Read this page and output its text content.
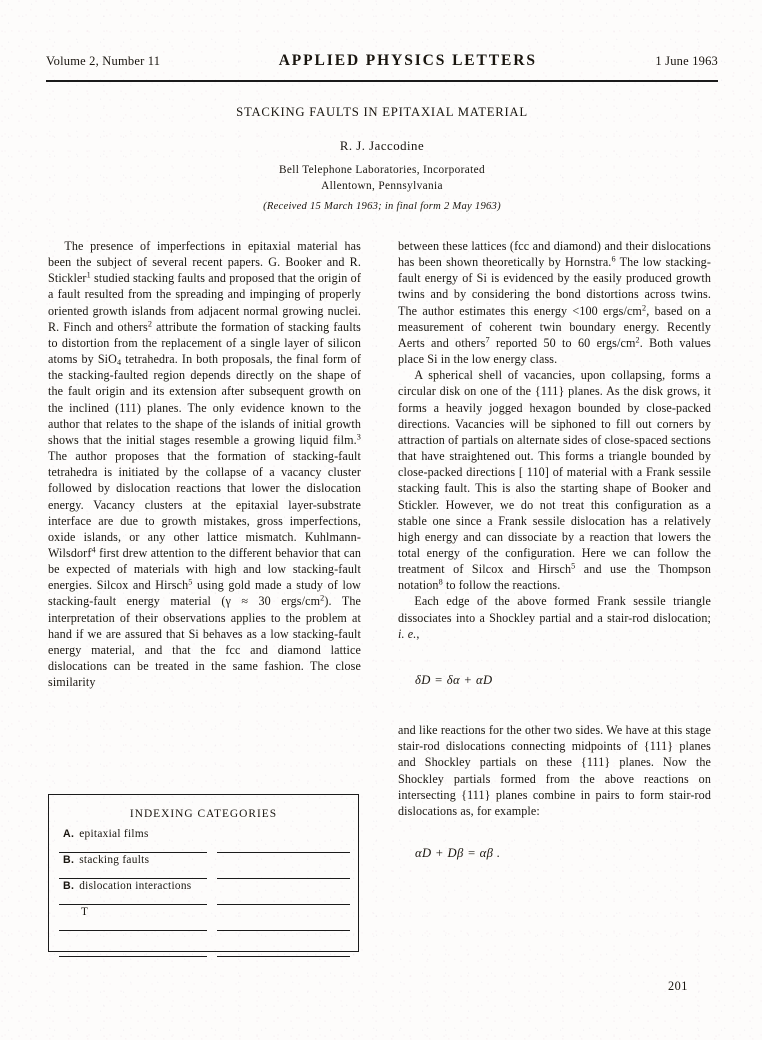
Volume 2, Number 11	APPLIED PHYSICS LETTERS	1 June 1963
STACKING FAULTS IN EPITAXIAL MATERIAL
R. J. Jaccodine
Bell Telephone Laboratories, Incorporated
Allentown, Pennsylvania
(Received 15 March 1963; in final form 2 May 1963)

The presence of imperfections in epitaxial material has been the subject of several recent papers. G. Booker and R. Stickler$^1$ studied stacking faults and proposed that the origin of a fault resulted from the spreading and impinging of properly oriented growth islands from adjacent normal growing nuclei. R. Finch and others$^2$ attribute the formation of stacking faults to distortion from the replacement of a single layer of silicon atoms by SiO$_4$ tetrahedra. In both proposals, the final form of the stacking-faulted region depends directly on the shape of the fault origin and its extension after subsequent growth on the inclined (111) planes. The only evidence known to the author that relates to the shape of the islands of initial growth shows that the initial stages resemble a growing liquid film.$^3$ The author proposes that the formation of stacking-fault tetrahedra is initiated by the collapse of a vacancy cluster followed by dislocation reactions that lower the dislocation energy. Vacancy clusters at the epitaxial layer-substrate interface are due to growth mistakes, gross imperfections, oxide islands, or any other lattice mismatch. Kuhlmann-Wilsdorf$^4$ first drew attention to the different behavior that can be expected of materials with high and low stacking-fault energies. Silcox and Hirsch$^5$ using gold made a study of low stacking-fault energy material (γ ≈ 30 ergs/$cm^2$). The interpretation of their observations applies to the problem at hand if we are assured that Si behaves as a low stacking-fault energy material, and that the fcc and diamond lattice dislocations can be treated in the same fashion. The close similarity

between these lattices (fcc and diamond) and their dislocations has been shown theoretically by Hornstra.$^6$ The low stacking-fault energy of Si is evidenced by the easily produced growth twins and by considering the bond distortions across twins. The author estimates this energy <100 ergs/$cm^2$, based on a measurement of coherent twin boundary energy. Recently Aerts and others$^7$ reported 50 to 60 ergs/$cm^2$. Both values place Si in the low energy class.

A spherical shell of vacancies, upon collapsing, forms a circular disk on one of the {111} planes. As the disk grows, it forms a heavily jogged hexagon bounded by close-packed directions. Vacancies will be siphoned to fill out corners by attraction of partials on alternate sides of close-spaced sections that have straightened out. This forms a triangle bounded by close-packed directions [ 110] of material with a Frank sessile stacking fault. This is also the starting shape of Booker and Stickler. However, we do not treat this configuration as a stable one since a Frank sessile dislocation has a relatively high energy and can dissociate by a reaction that lowers the total energy of the configuration. Here we can follow the treatment of Silcox and Hirsch$^5$ and use the Thompson notation$^8$ to follow the reactions.

Each edge of the above formed Frank sessile triangle dissociates into a Shockley partial and a stair-rod dislocation; i. e.,

δD = δα + αD

and like reactions for the other two sides. We have at this stage stair-rod dislocations connecting midpoints of {111} planes and Shockley partials on these {111} planes. Now the Shockley partials formed from the above reactions on intersecting {111} planes combine in pairs to form stair-rod dislocations as, for example:

αD + Dβ = αβ .

INDEXING CATEGORIES
A. epitaxial films
B. stacking faults
B. dislocation interactions
T
201
